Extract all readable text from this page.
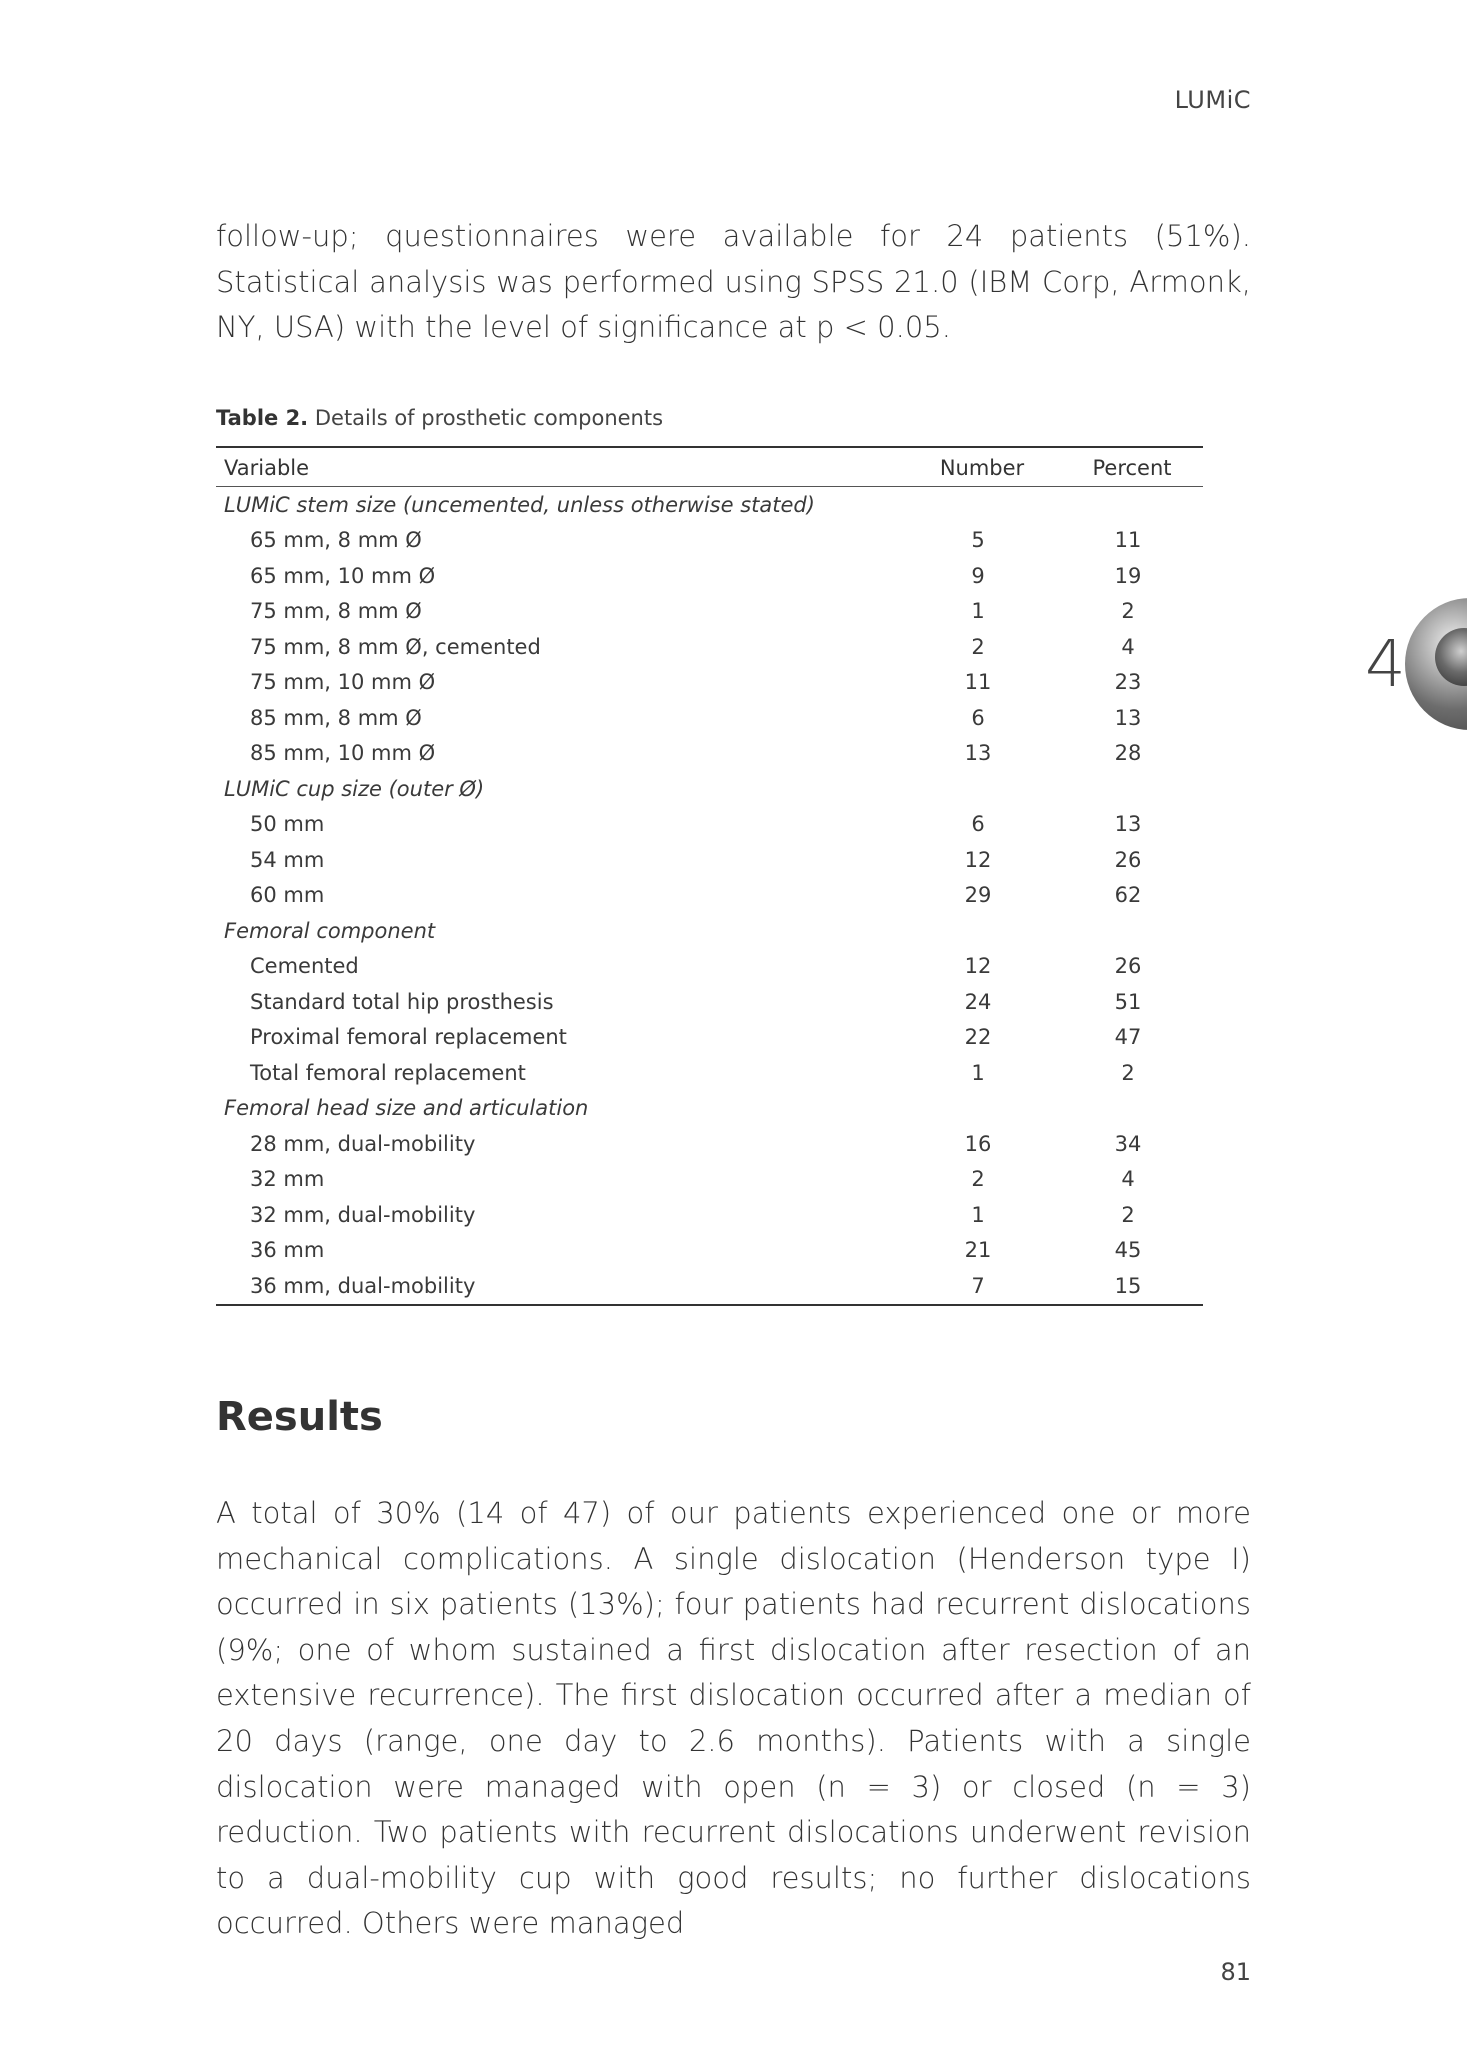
LUMiC

follow-up; questionnaires were available for 24 patients (51%). Statistical analysis was performed using SPSS 21.0 (IBM Corp, Armonk, NY, USA) with the level of significance at p < 0.05.

Table 2. Details of prosthetic components
Variable	Number	Percent
LUMiC stem size (uncemented, unless otherwise stated)		
65 mm, 8 mm Ø	5	11
65 mm, 10 mm Ø	9	19
75 mm, 8 mm Ø	1	2
75 mm, 8 mm Ø, cemented	2	4
75 mm, 10 mm Ø	11	23
85 mm, 8 mm Ø	6	13
85 mm, 10 mm Ø	13	28
LUMiC cup size (outer Ø)		
50 mm	6	13
54 mm	12	26
60 mm	29	62
Femoral component		
Cemented	12	26
Standard total hip prosthesis	24	51
Proximal femoral replacement	22	47
Total femoral replacement	1	2
Femoral head size and articulation		
28 mm, dual-mobility	16	34
32 mm	2	4
32 mm, dual-mobility	1	2
36 mm	21	45
36 mm, dual-mobility	7	15
Results

A total of 30% (14 of 47) of our patients experienced one or more mechanical complications. A single dislocation (Henderson type I) occurred in six patients (13%); four patients had recurrent dislocations (9%; one of whom sustained a first dislocation after resection of an extensive recurrence). The first dislocation occurred after a median of 20 days (range, one day to 2.6 months). Patients with a single dislocation were managed with open (n = 3) or closed (n = 3) reduction. Two patients with recurrent dislocations underwent revision to a dual-mobility cup with good results; no further dislocations occurred. Others were managed

4
81
